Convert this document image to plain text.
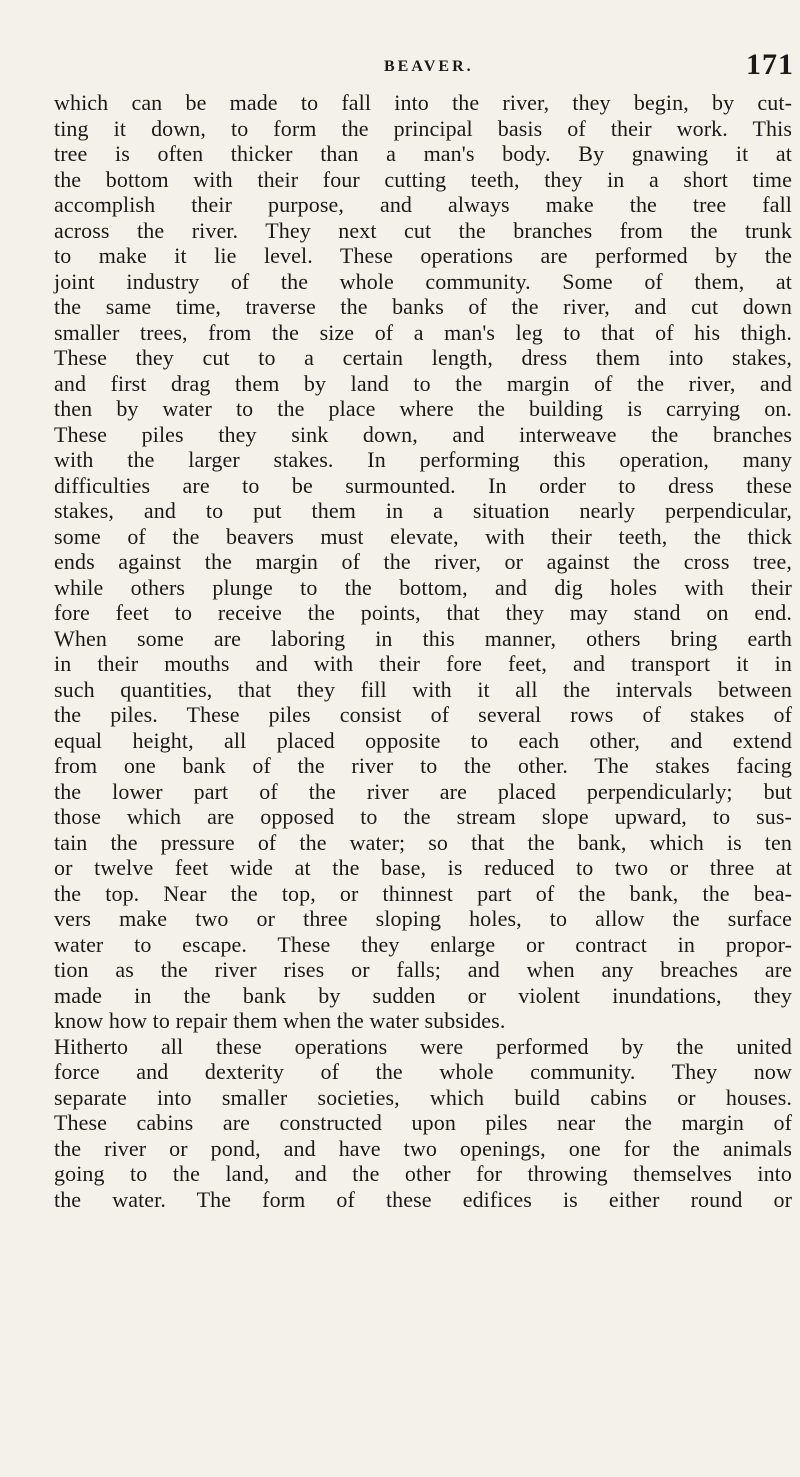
BEAVER.	171
which can be made to fall into the river, they begin, by cut-
ting it down, to form the principal basis of their work. This
tree is often thicker than a man's body. By gnawing it at
the bottom with their four cutting teeth, they in a short time
accomplish their purpose, and always make the tree fall
across the river. They next cut the branches from the trunk
to make it lie level. These operations are performed by the
joint industry of the whole community. Some of them, at
the same time, traverse the banks of the river, and cut down
smaller trees, from the size of a man's leg to that of his thigh.
These they cut to a certain length, dress them into stakes,
and first drag them by land to the margin of the river, and
then by water to the place where the building is carrying on.
These piles they sink down, and interweave the branches
with the larger stakes. In performing this operation, many
difficulties are to be surmounted. In order to dress these
stakes, and to put them in a situation nearly perpendicular,
some of the beavers must elevate, with their teeth, the thick
ends against the margin of the river, or against the cross tree,
while others plunge to the bottom, and dig holes with their
fore feet to receive the points, that they may stand on end.
When some are laboring in this manner, others bring earth
in their mouths and with their fore feet, and transport it in
such quantities, that they fill with it all the intervals between
the piles. These piles consist of several rows of stakes of
equal height, all placed opposite to each other, and extend
from one bank of the river to the other. The stakes facing
the lower part of the river are placed perpendicularly; but
those which are opposed to the stream slope upward, to sus-
tain the pressure of the water; so that the bank, which is ten
or twelve feet wide at the base, is reduced to two or three at
the top. Near the top, or thinnest part of the bank, the bea-
vers make two or three sloping holes, to allow the surface
water to escape. These they enlarge or contract in propor-
tion as the river rises or falls; and when any breaches are
made in the bank by sudden or violent inundations, they
know how to repair them when the water subsides.
Hitherto all these operations were performed by the united
force and dexterity of the whole community. They now
separate into smaller societies, which build cabins or houses.
These cabins are constructed upon piles near the margin of
the river or pond, and have two openings, one for the animals
going to the land, and the other for throwing themselves into
the water. The form of these edifices is either round or
